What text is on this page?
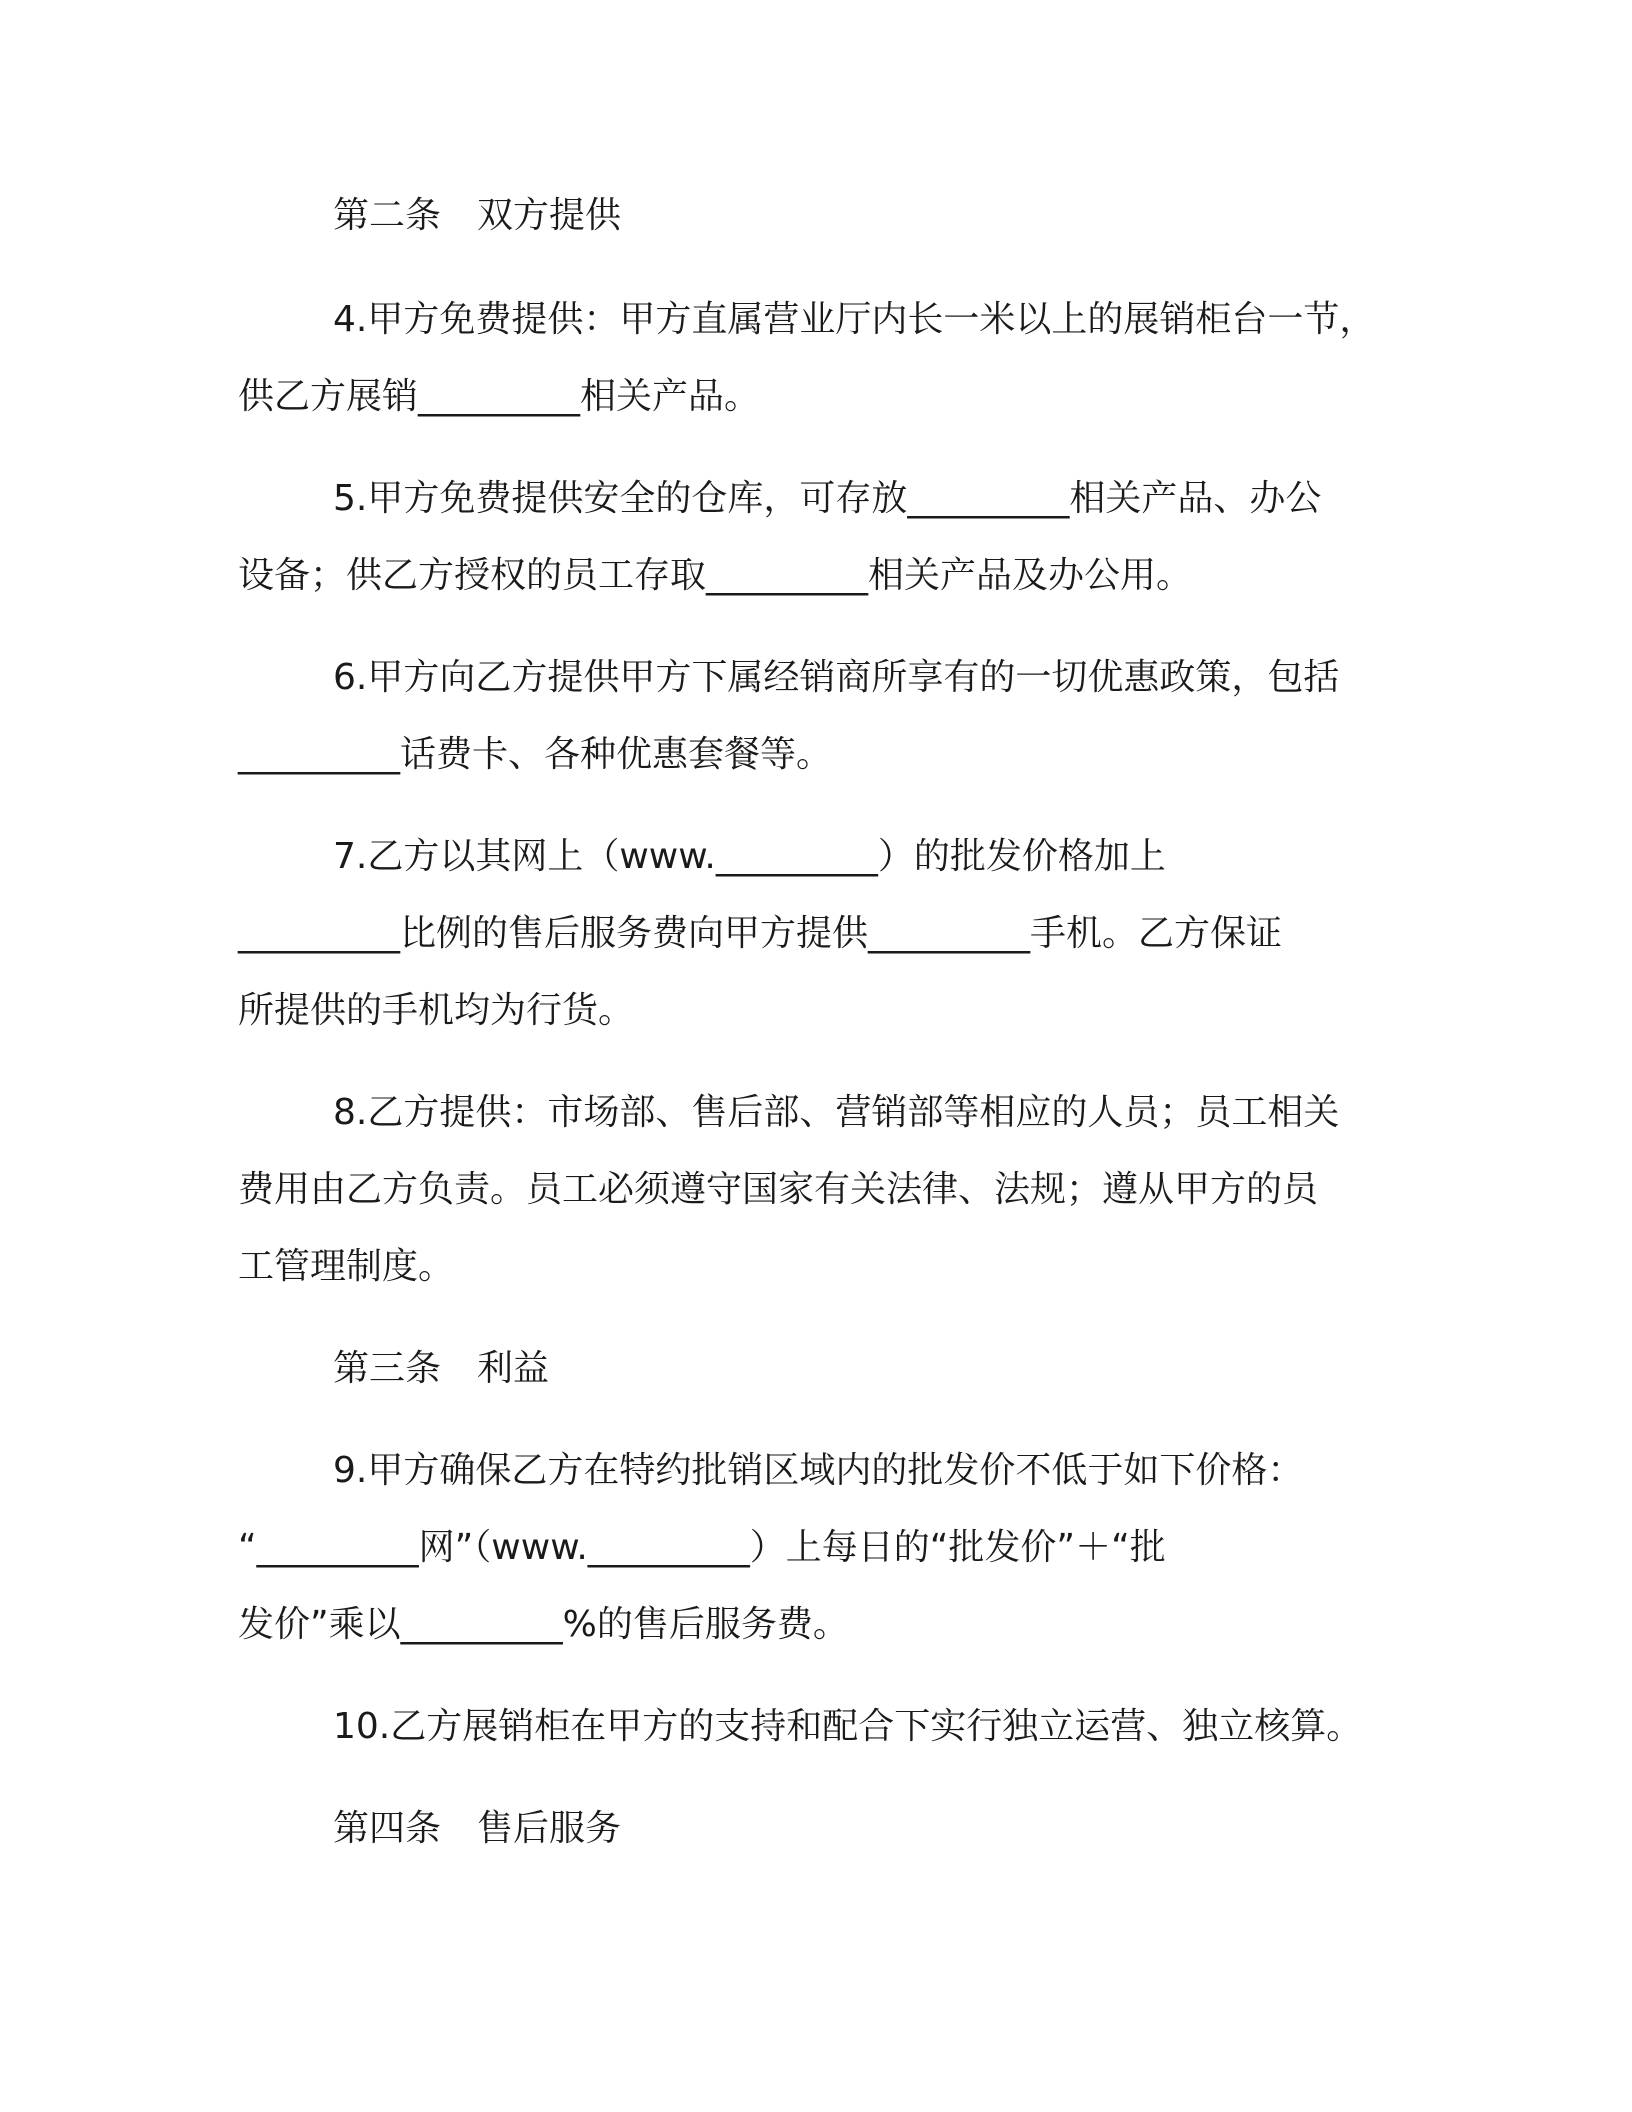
第二条　双方提供
4.甲方免费提供：甲方直属营业厅内长一米以上的展销柜台一节，
供乙方展销_________相关产品。
5.甲方免费提供安全的仓库，可存放_________相关产品、办公
设备；供乙方授权的员工存取_________相关产品及办公用。
6.甲方向乙方提供甲方下属经销商所享有的一切优惠政策，包括
_________话费卡、各种优惠套餐等。
7.乙方以其网上（www._________）的批发价格加上
_________比例的售后服务费向甲方提供_________手机。乙方保证
所提供的手机均为行货。
8.乙方提供：市场部、售后部、营销部等相应的人员；员工相关
费用由乙方负责。员工必须遵守国家有关法律、法规；遵从甲方的员
工管理制度。
第三条　利益
9.甲方确保乙方在特约批销区域内的批发价不低于如下价格：
“_________网”（www._________）上每日的“批发价”＋“批
发价”乘以_________%的售后服务费。
10.乙方展销柜在甲方的支持和配合下实行独立运营、独立核算。
第四条　售后服务
